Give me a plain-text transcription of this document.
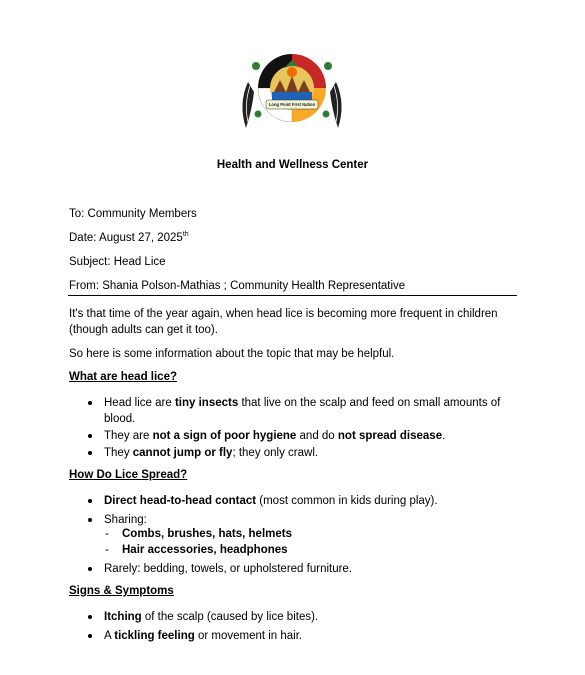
Long Point First Nation
Health and Wellness Center
To: Community Members
Date: August 27, 2025th
Subject: Head Lice
From: Shania Polson-Mathias ; Community Health Representative
It's that time of the year again, when head lice is becoming more frequent in children (though adults can get it too).
So here is some information about the topic that may be helpful.
What are head lice?
Head lice are tiny insects that live on the scalp and feed on small amounts of blood.
They are not a sign of poor hygiene and do not spread disease.
They cannot jump or fly; they only crawl.
How Do Lice Spread?
Direct head-to-head contact (most common in kids during play).
Sharing:
- Combs, brushes, hats, helmets
- Hair accessories, headphones
Rarely: bedding, towels, or upholstered furniture.
Signs & Symptoms
Itching of the scalp (caused by lice bites).
A tickling feeling or movement in hair.
